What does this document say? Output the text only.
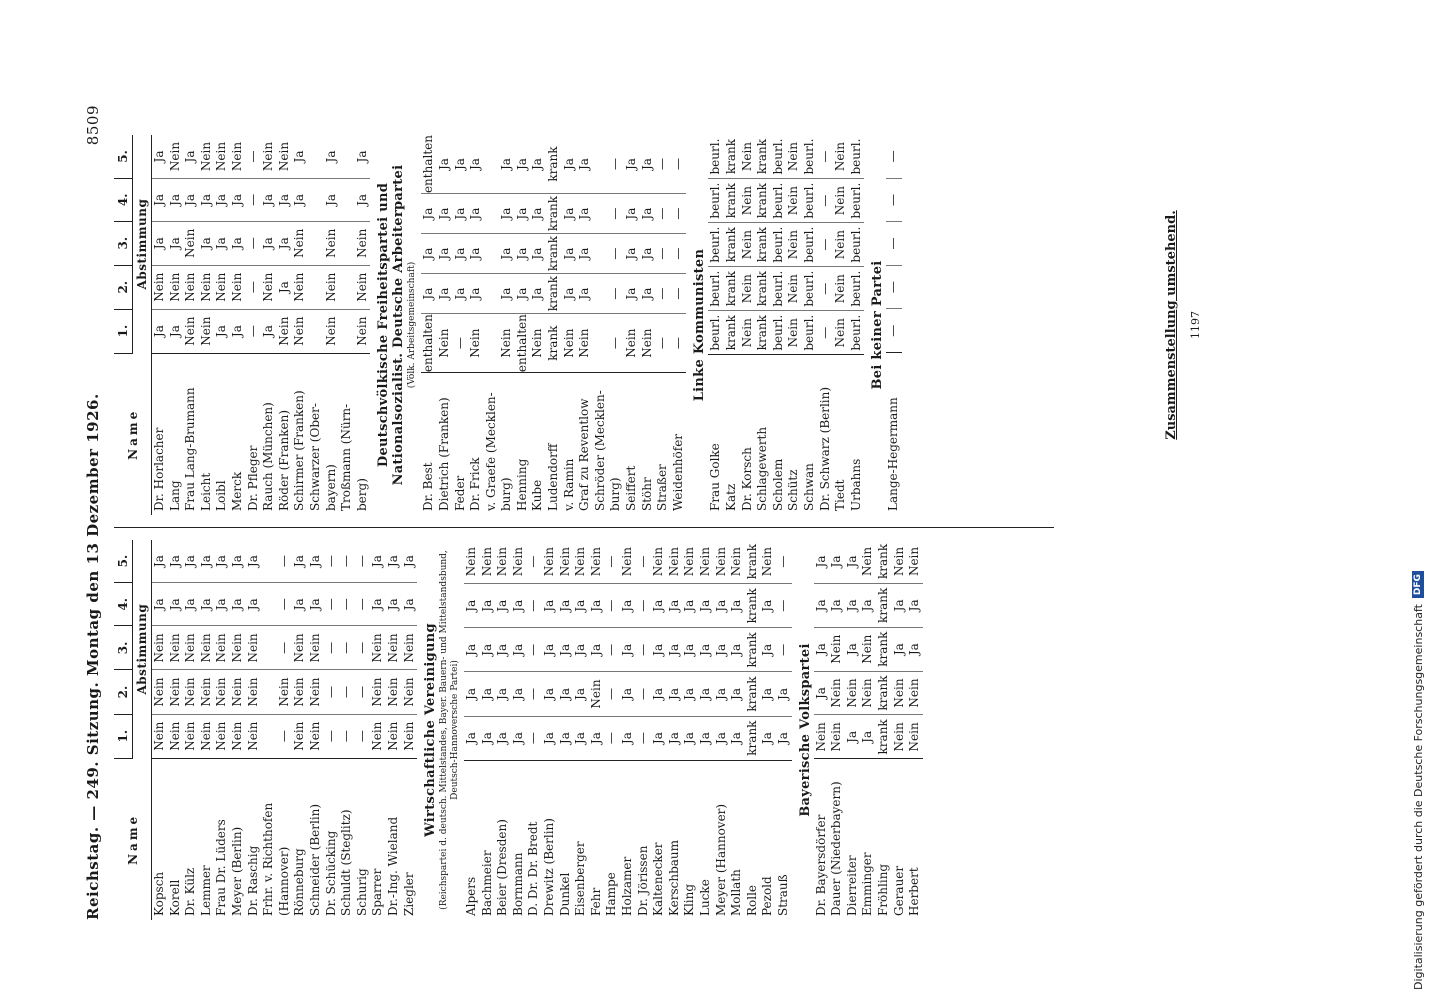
Reichstag. — 249. Sitzung. Montag den 13 Dezember 1926.
8509
Name	1.	2.	3.	4.	5.
	Abstimmung				
Kopsch	Nein	Nein	Nein	Ja	Ja
Korell	Nein	Nein	Nein	Ja	Ja
Dr. Külz	Nein	Nein	Nein	Ja	Ja
Lemmer	Nein	Nein	Nein	Ja	Ja
Frau Dr. Lüders	Nein	Nein	Nein	Ja	Ja
Meyer (Berlin)	Nein	Nein	Nein	Ja	Ja
Dr. Raschig	Nein	Nein	Nein	Ja	Ja
Frhr. v. Richthofen					
(Hannover)	—	Nein	—	—	—
Rönneburg	Nein	Nein	Nein	Ja	Ja
Schneider (Berlin)	Nein	Nein	Nein	Ja	Ja
Dr. Schücking	—	—	—	—	—
Schuldt (Steglitz)	—	—	—	—	—
Schurig	—	—	—	—	—
Sparrer	Nein	Nein	Nein	Ja	Ja
Dr.-Ing. Wieland	Nein	Nein	Nein	Ja	Ja
Ziegler	Nein	Nein	Nein	Ja	Ja
Wirtschaftliche Vereinigung (Reichspartei d. deutsch. Mittelstandes, Bayer. Bauern- und Mittelstandsbund, Deutsch-Hannoversche Partei)
Alpers	Ja	Ja	Ja	Ja	Nein
Bachmeier	Ja	Ja	Ja	Ja	Nein
Beier (Dresden)	Ja	Ja	Ja	Ja	Nein
Bornmann	Ja	Ja	Ja	Ja	Nein
D. Dr. Dr. Bredt	—	—	—	—	—
Drewitz (Berlin)	Ja	Ja	Ja	Ja	Nein
Dunkel	Ja	Ja	Ja	Ja	Nein
Eisenberger	Ja	Ja	Ja	Ja	Nein
Fehr	Ja	Nein	Ja	Ja	Nein
Hampe	—	—	—	—	—
Holzamer	Ja	Ja	Ja	Ja	Nein
Dr. Jörissen	—	—	—	—	—
Kaltenecker	Ja	Ja	Ja	Ja	Nein
Kerschbaum	Ja	Ja	Ja	Ja	Nein
Kling	Ja	Ja	Ja	Ja	Nein
Lucke	Ja	Ja	Ja	Ja	Nein
Meyer (Hannover)	Ja	Ja	Ja	Ja	Nein
Mollath	Ja	Ja	Ja	Ja	Nein
Rolle	krank	krank	krank	krank	krank
Pezold	Ja	Ja	Ja	Ja	Nein
Strauß	Ja	Ja	—	—	—
Bayerische Volkspartei
Dr. Bayersdörfer	Nein	Ja	Ja	Ja	Ja
Dauer (Niederbayern)	Nein	Nein	Nein	Ja	Ja
Dierreiter	Ja	Nein	Ja	Ja	Ja
Emminger	Ja	Nein	Nein	Ja	Nein
Fröhling	krank	krank	krank	krank	krank
Gerauer	Nein	Nein	Ja	Ja	Nein
Herbert	Nein	Nein	Ja	Ja	Nein
Name	1.	2.	3.	4.	5.
	Abstimmung				
Dr. Horlacher	Ja	Nein	Ja	Ja	Ja
Lang	Ja	Nein	Ja	Ja	Nein
Frau Lang-Brumann	Nein	Nein	Nein	Ja	Ja
Leicht	Nein	Nein	Ja	Ja	Nein
Loibl	Ja	Nein	Ja	Ja	Nein
Merck	Ja	Nein	Ja	Ja	Nein
Dr. Pfleger	—	—	—	—	—
Rauch (München)	Ja	Nein	Ja	Ja	Nein
Röder (Franken)	Nein	Ja	Ja	Ja	Nein
Schirmer (Franken)	Nein	Nein	Nein	Ja	Ja
Schwarzer (Ober-					
bayern)	Nein	Nein	Nein	Ja	Ja
Troßmann (Nürn-					
berg)	Nein	Nein	Nein	Ja	Ja
Deutschvölkische Freiheitspartei und Nationalsozialist. Deutsche Arbeiterpartei (Völk. Arbeitsgemeinschaft)
Dr. Best	enthalten	Ja	Ja	Ja	enthalten
Dietrich (Franken)	Nein	Ja	Ja	Ja	Ja
Feder	—	Ja	Ja	Ja	Ja
Dr. Frick	Nein	Ja	Ja	Ja	Ja
v. Graefe (Mecklen-					
burg)	Nein	Ja	Ja	Ja	Ja
Henning	enthalten	Ja	Ja	Ja	Ja
Kube	Nein	Ja	Ja	Ja	Ja
Ludendorff	krank	krank	krank	krank	krank
v. Ramin	Nein	Ja	Ja	Ja	Ja
Graf zu Reventlow	Nein	Ja	Ja	Ja	Ja
Schröder (Mecklen-					
burg)	—	—	—	—	—
Seiffert	Nein	Ja	Ja	Ja	Ja
Stöhr	Nein	Ja	Ja	Ja	Ja
Straßer	—	—	—	—	—
Weidenhöfer	—	—	—	—	—
Linke Kommunisten
Frau Golke	beurl.	beurl.	beurl.	beurl.	beurl.
Katz	krank	krank	krank	krank	krank
Dr. Korsch	Nein	Nein	Nein	Nein	Nein
Schlagewerth	krank	krank	krank	krank	krank
Scholem	beurl.	beurl.	beurl.	beurl.	beurl.
Schütz	Nein	Nein	Nein	Nein	Nein
Schwan	beurl.	beurl.	beurl.	beurl.	beurl.
Dr. Schwarz (Berlin)	—	—	—	—	—
Tiedt	Nein	Nein	Nein	Nein	Nein
Urbahns	beurl.	beurl.	beurl.	beurl.	beurl.
Bei keiner Partei
Lange-Hegermann	—	—	—	—	—
Zusammenstellung umstehend. 1197
Digitalisierung gefördert durch die Deutsche Forschungsgemeinschaft
DFG
